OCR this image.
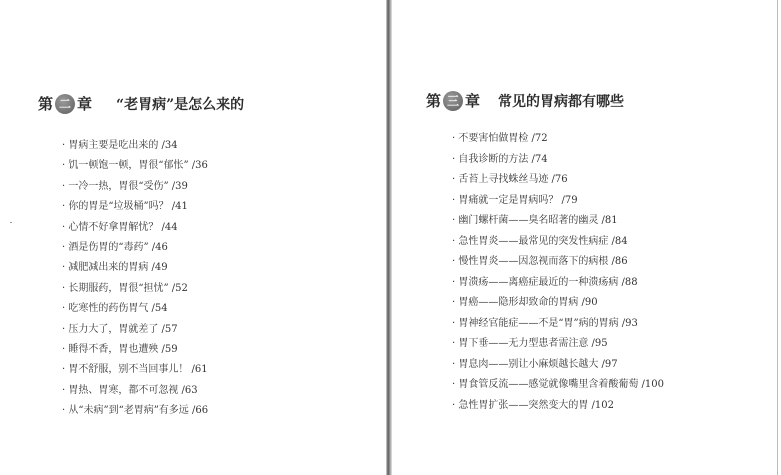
第 二 章 “老胃病”是怎么来的
· 胃病主要是吃出来的 /34
· 饥一顿饱一顿，胃很“郁怅” /36
· 一冷一热，胃很“受伤” /39
· 你的胃是“垃圾桶”吗？ /41
· 心情不好拿胃解忧？ /44
· 酒是伤胃的“毒药” /46
· 减肥减出来的胃病 /49
· 长期服药，胃很“担忧” /52
· 吃寒性的药伤胃气 /54
· 压力大了，胃就差了 /57
· 睡得不香，胃也遭殃 /59
· 胃不舒服，别不当回事儿！ /61
· 胃热、胃寒，都不可忽视 /63
· 从“未病”到“老胃病”有多远 /66
第 三 章 常见的胃病都有哪些
· 不要害怕做胃检 /72
· 自我诊断的方法 /74
· 舌苔上寻找蛛丝马迹 /76
· 胃痛就一定是胃病吗？ /79
· 幽门螺杆菌——臭名昭著的幽灵 /81
· 急性胃炎——最常见的突发性病症 /84
· 慢性胃炎——因忽视而落下的病根 /86
· 胃溃疡——离癌症最近的一种溃疡病 /88
· 胃癌——隐形却致命的胃病 /90
· 胃神经官能症——不是“胃”病的胃病 /93
· 胃下垂——无力型患者需注意 /95
· 胃息肉——别让小麻烦越长越大 /97
· 胃食管反流——感觉就像嘴里含着酸葡萄 /100
· 急性胃扩张——突然变大的胃 /102
